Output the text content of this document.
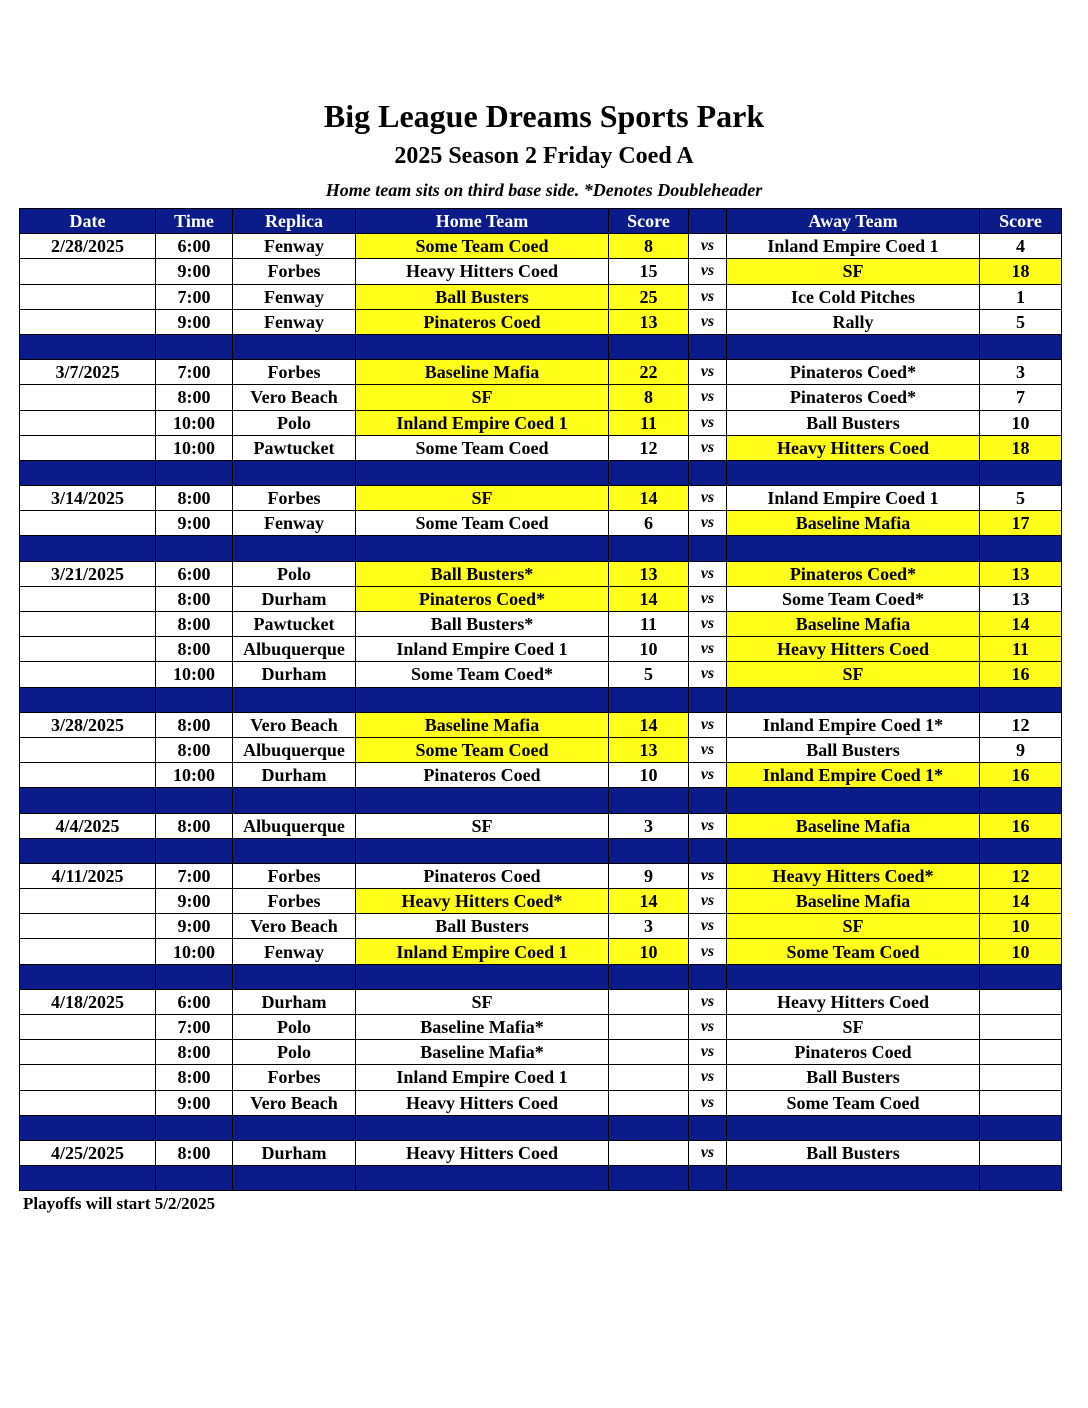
Big League Dreams Sports Park
2025 Season 2 Friday Coed A
Home team sits on third base side. *Denotes Doubleheader
Date	Time	Replica	Home Team	Score		Away Team	Score
2/28/2025	6:00	Fenway	Some Team Coed	8	vs	Inland Empire Coed 1	4
	9:00	Forbes	Heavy Hitters Coed	15	vs	SF	18
	7:00	Fenway	Ball Busters	25	vs	Ice Cold Pitches	1
	9:00	Fenway	Pinateros Coed	13	vs	Rally	5

3/7/2025	7:00	Forbes	Baseline Mafia	22	vs	Pinateros Coed*	3
	8:00	Vero Beach	SF	8	vs	Pinateros Coed*	7
	10:00	Polo	Inland Empire Coed 1	11	vs	Ball Busters	10
	10:00	Pawtucket	Some Team Coed	12	vs	Heavy Hitters Coed	18

3/14/2025	8:00	Forbes	SF	14	vs	Inland Empire Coed 1	5
	9:00	Fenway	Some Team Coed	6	vs	Baseline Mafia	17

3/21/2025	6:00	Polo	Ball Busters*	13	vs	Pinateros Coed*	13
	8:00	Durham	Pinateros Coed*	14	vs	Some Team Coed*	13
	8:00	Pawtucket	Ball Busters*	11	vs	Baseline Mafia	14
	8:00	Albuquerque	Inland Empire Coed 1	10	vs	Heavy Hitters Coed	11
	10:00	Durham	Some Team Coed*	5	vs	SF	16

3/28/2025	8:00	Vero Beach	Baseline Mafia	14	vs	Inland Empire Coed 1*	12
	8:00	Albuquerque	Some Team Coed	13	vs	Ball Busters	9
	10:00	Durham	Pinateros Coed	10	vs	Inland Empire Coed 1*	16

4/4/2025	8:00	Albuquerque	SF	3	vs	Baseline Mafia	16

4/11/2025	7:00	Forbes	Pinateros Coed	9	vs	Heavy Hitters Coed*	12
	9:00	Forbes	Heavy Hitters Coed*	14	vs	Baseline Mafia	14
	9:00	Vero Beach	Ball Busters	3	vs	SF	10
	10:00	Fenway	Inland Empire Coed 1	10	vs	Some Team Coed	10

4/18/2025	6:00	Durham	SF		vs	Heavy Hitters Coed	
	7:00	Polo	Baseline Mafia*		vs	SF	
	8:00	Polo	Baseline Mafia*		vs	Pinateros Coed	
	8:00	Forbes	Inland Empire Coed 1		vs	Ball Busters	
	9:00	Vero Beach	Heavy Hitters Coed		vs	Some Team Coed	

4/25/2025	8:00	Durham	Heavy Hitters Coed		vs	Ball Busters	

Playoffs will start 5/2/2025
